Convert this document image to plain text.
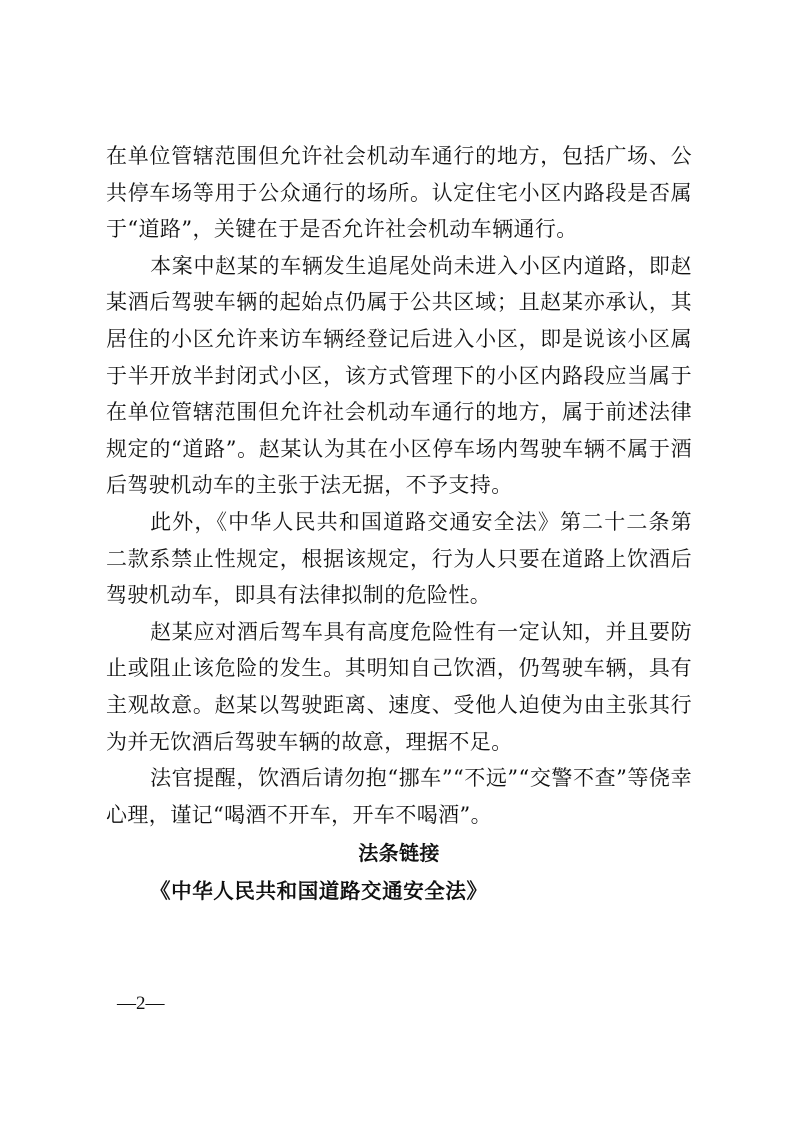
在单位管辖范围但允许社会机动车通行的地方，包括广场、公共停车场等用于公众通行的场所。认定住宅小区内路段是否属于“道路”，关键在于是否允许社会机动车辆通行。

本案中赵某的车辆发生追尾处尚未进入小区内道路，即赵某酒后驾驶车辆的起始点仍属于公共区域；且赵某亦承认，其居住的小区允许来访车辆经登记后进入小区，即是说该小区属于半开放半封闭式小区，该方式管理下的小区内路段应当属于在单位管辖范围但允许社会机动车通行的地方，属于前述法律规定的“道路”。赵某认为其在小区停车场内驾驶车辆不属于酒后驾驶机动车的主张于法无据，不予支持。

此外，《中华人民共和国道路交通安全法》第二十二条第二款系禁止性规定，根据该规定，行为人只要在道路上饮酒后驾驶机动车，即具有法律拟制的危险性。

赵某应对酒后驾车具有高度危险性有一定认知，并且要防止或阻止该危险的发生。其明知自己饮酒，仍驾驶车辆，具有主观故意。赵某以驾驶距离、速度、受他人迫使为由主张其行为并无饮酒后驾驶车辆的故意，理据不足。

法官提醒，饮酒后请勿抱“挪车”“不远”“交警不查”等侥幸心理，谨记“喝酒不开车，开车不喝酒”。

法条链接

《中华人民共和国道路交通安全法》

—2—
